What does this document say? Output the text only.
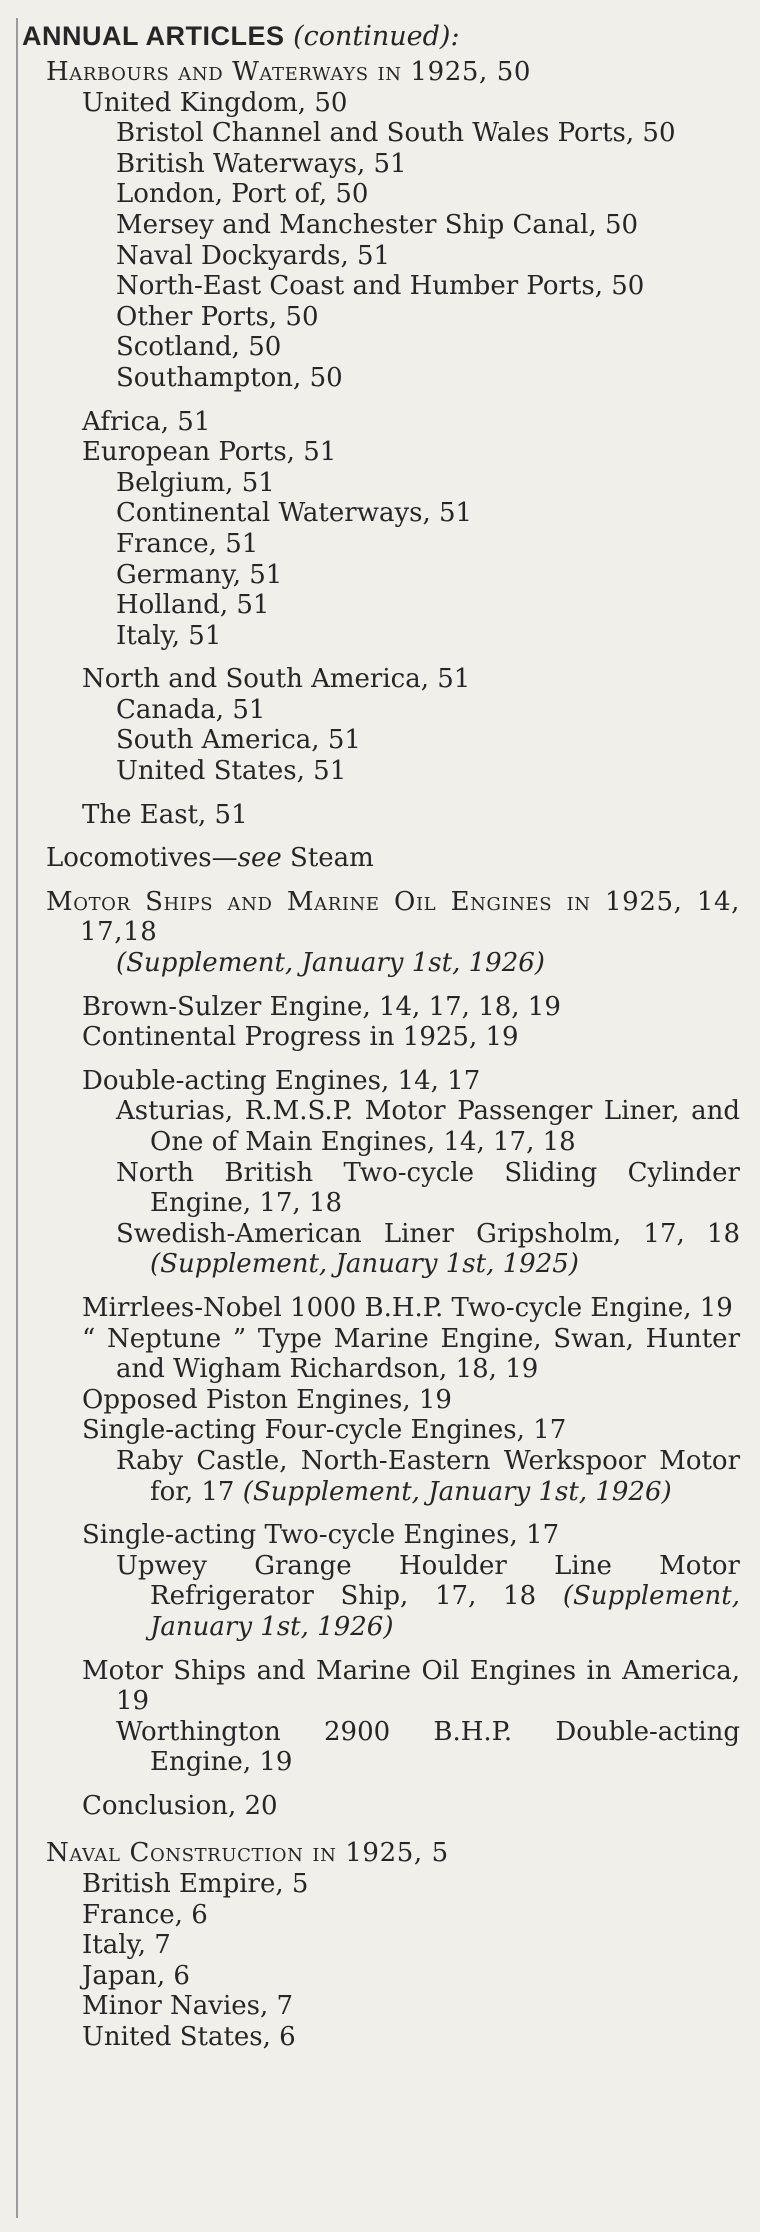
ANNUAL ARTICLES (continued):
Harbours and Waterways in 1925, 50
United Kingdom, 50
Bristol Channel and South Wales Ports, 50
British Waterways, 51
London, Port of, 50
Mersey and Manchester Ship Canal, 50
Naval Dockyards, 51
North-East Coast and Humber Ports, 50
Other Ports, 50
Scotland, 50
Southampton, 50
Africa, 51
European Ports, 51
Belgium, 51
Continental Waterways, 51
France, 51
Germany, 51
Holland, 51
Italy, 51
North and South America, 51
Canada, 51
South America, 51
United States, 51
The East, 51
Locomotives—see Steam
Motor Ships and Marine Oil Engines in 1925, 14, 17,18
(Supplement, January 1st, 1926)
Brown-Sulzer Engine, 14, 17, 18, 19
Continental Progress in 1925, 19
Double-acting Engines, 14, 17
Asturias, R.M.S.P. Motor Passenger Liner, and One of Main Engines, 14, 17, 18
North British Two-cycle Sliding Cylinder Engine, 17, 18
Swedish-American Liner Gripsholm, 17, 18 (Supplement, January 1st, 1925)
Mirrlees-Nobel 1000 B.H.P. Two-cycle Engine, 19
“ Neptune ” Type Marine Engine, Swan, Hunter and Wigham Richardson, 18, 19
Opposed Piston Engines, 19
Single-acting Four-cycle Engines, 17
Raby Castle, North-Eastern Werkspoor Motor for, 17 (Supplement, January 1st, 1926)
Single-acting Two-cycle Engines, 17
Upwey Grange Houlder Line Motor Refrigerator Ship, 17, 18 (Supplement, January 1st, 1926)
Motor Ships and Marine Oil Engines in America, 19
Worthington 2900 B.H.P. Double-acting Engine, 19
Conclusion, 20
Naval Construction in 1925, 5
British Empire, 5
France, 6
Italy, 7
Japan, 6
Minor Navies, 7
United States, 6
